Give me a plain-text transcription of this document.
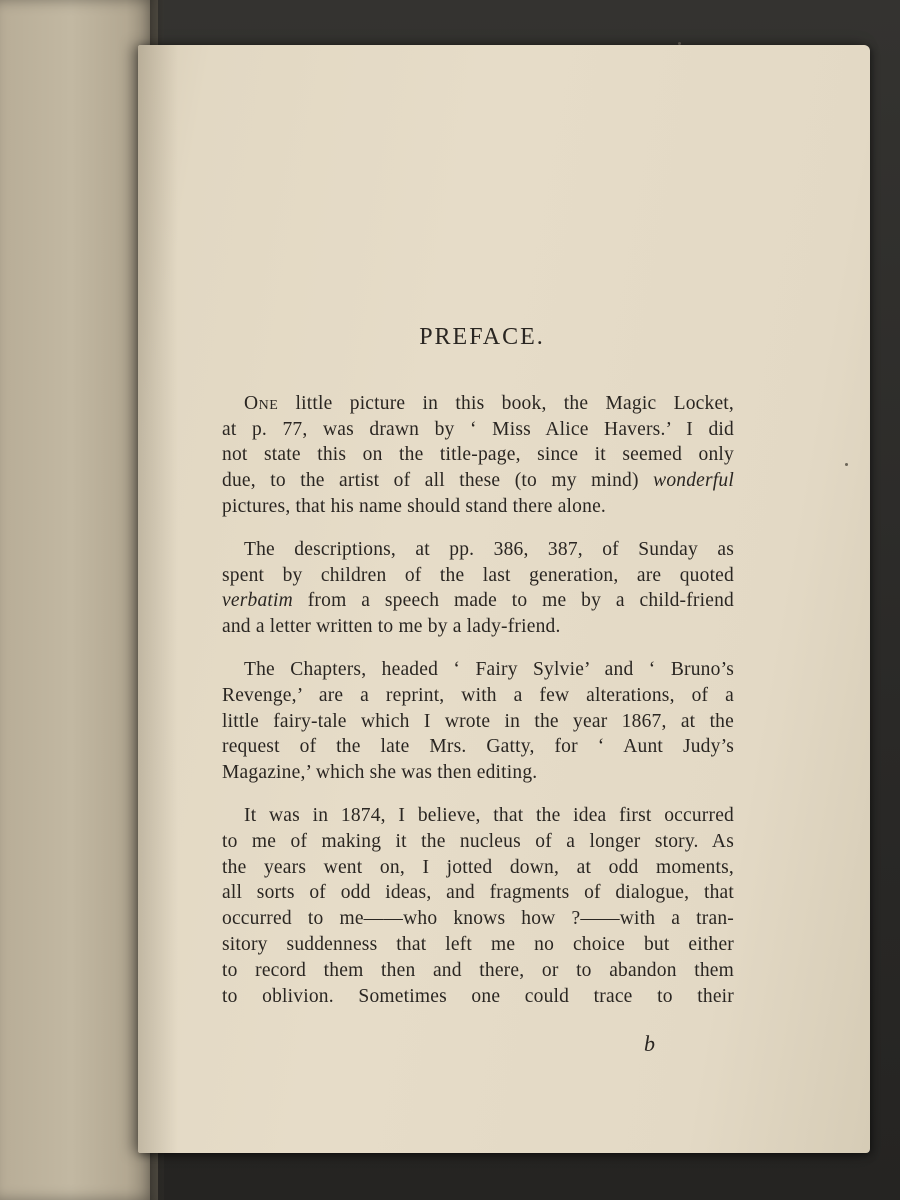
PREFACE.
One little picture in this book, the Magic Locket,
at p. 77, was drawn by ‘ Miss Alice Havers.’ I did
not state this on the title-page, since it seemed only
due, to the artist of all these (to my mind) wonderful
pictures, that his name should stand there alone.
The descriptions, at pp. 386, 387, of Sunday as
spent by children of the last generation, are quoted
verbatim from a speech made to me by a child-friend
and a letter written to me by a lady-friend.
The Chapters, headed ‘ Fairy Sylvie’ and ‘ Bruno’s
Revenge,’ are a reprint, with a few alterations, of a
little fairy-tale which I wrote in the year 1867, at the
request of the late Mrs. Gatty, for ‘ Aunt Judy’s
Magazine,’ which she was then editing.
It was in 1874, I believe, that the idea first occurred
to me of making it the nucleus of a longer story. As
the years went on, I jotted down, at odd moments,
all sorts of odd ideas, and fragments of dialogue, that
occurred to me——who knows how ?——with a tran-
sitory suddenness that left me no choice but either
to record them then and there, or to abandon them
to oblivion. Sometimes one could trace to their
b
